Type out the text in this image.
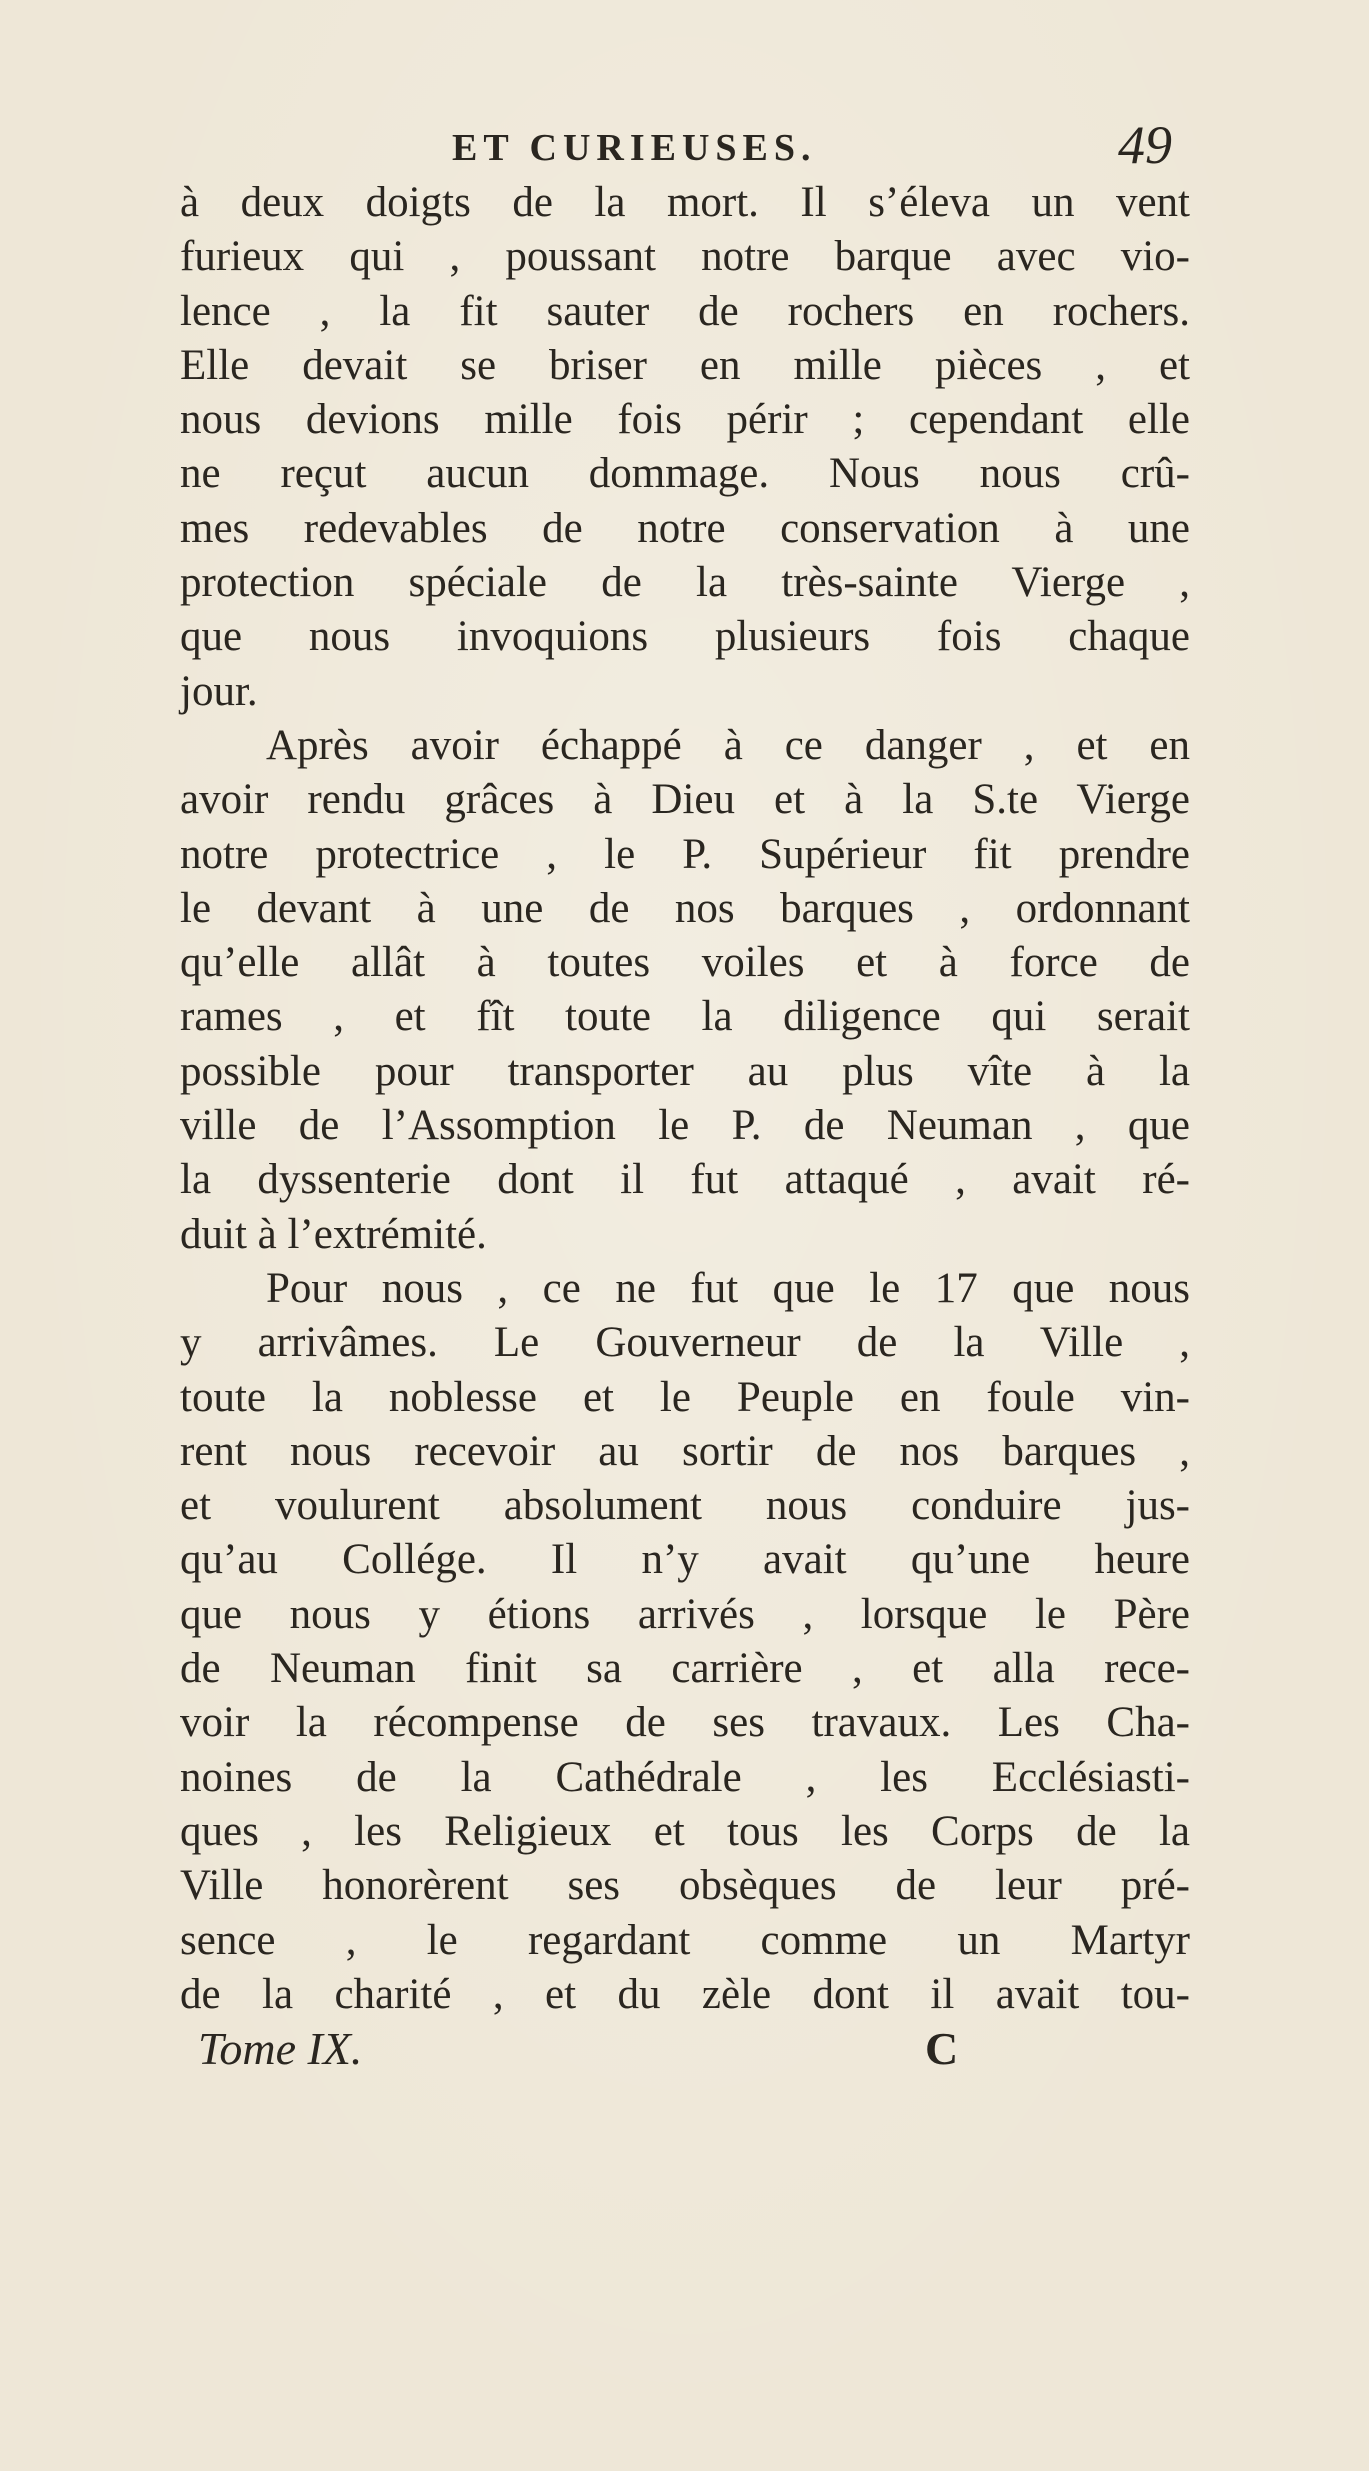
ET CURIEUSES.	49
à deux doigts de la mort. Il s’éleva un vent
furieux qui , poussant notre barque avec vio-
lence , la fit sauter de rochers en rochers.
Elle devait se briser en mille pièces , et
nous devions mille fois périr ; cependant elle
ne reçut aucun dommage. Nous nous crû-
mes redevables de notre conservation à une
protection spéciale de la très-sainte Vierge ,
que nous invoquions plusieurs fois chaque
jour.
Après avoir échappé à ce danger , et en
avoir rendu grâces à Dieu et à la S.te Vierge
notre protectrice , le P. Supérieur fit prendre
le devant à une de nos barques , ordonnant
qu’elle allât à toutes voiles et à force de
rames , et fît toute la diligence qui serait
possible pour transporter au plus vîte à la
ville de l’Assomption le P. de Neuman , que
la dyssenterie dont il fut attaqué , avait ré-
duit à l’extrémité.
Pour nous , ce ne fut que le 17 que nous
y arrivâmes. Le Gouverneur de la Ville ,
toute la noblesse et le Peuple en foule vin-
rent nous recevoir au sortir de nos barques ,
et voulurent absolument nous conduire jus-
qu’au Collége. Il n’y avait qu’une heure
que nous y étions arrivés , lorsque le Père
de Neuman finit sa carrière , et alla rece-
voir la récompense de ses travaux. Les Cha-
noines de la Cathédrale , les Ecclésiasti-
ques , les Religieux et tous les Corps de la
Ville honorèrent ses obsèques de leur pré-
sence , le regardant comme un Martyr
de la charité , et du zèle dont il avait tou-
Tome IX.	C
